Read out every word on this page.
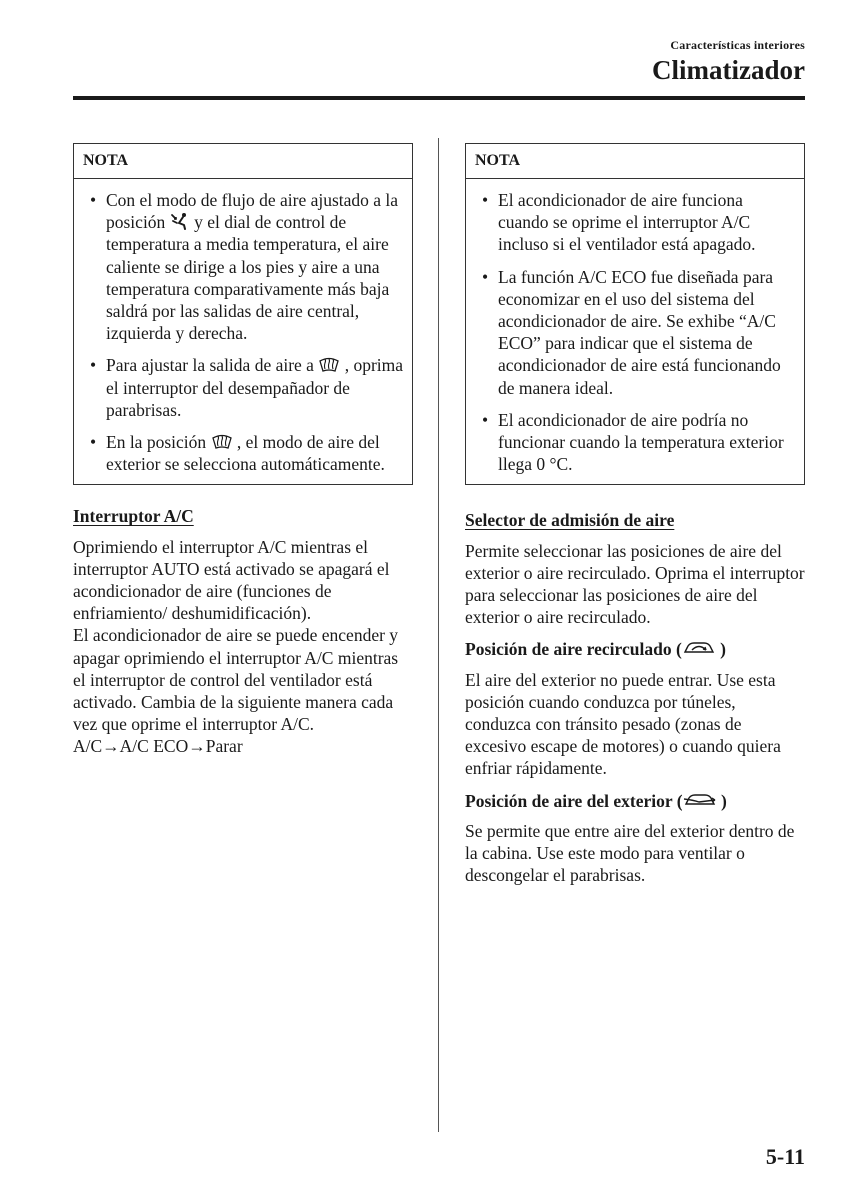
Características interiores
Climatizador
NOTA
• Con el modo de flujo de aire ajustado a la posición y el dial de control de temperatura a media temperatura, el aire caliente se dirige a los pies y aire a una temperatura comparativamente más baja saldrá por las salidas de aire central, izquierda y derecha.
• Para ajustar la salida de aire a , oprima el interruptor del desempañador de parabrisas.
• En la posición , el modo de aire del exterior se selecciona automáticamente.
Interruptor A/C
Oprimiendo el interruptor A/C mientras el interruptor AUTO está activado se apagará el acondicionador de aire (funciones de enfriamiento/ deshumidificación).
El acondicionador de aire se puede encender y apagar oprimiendo el interruptor A/C mientras el interruptor de control del ventilador está activado. Cambia de la siguiente manera cada vez que oprime el interruptor A/C.
A/C→A/C ECO→Parar
NOTA
• El acondicionador de aire funciona cuando se oprime el interruptor A/C incluso si el ventilador está apagado.
• La función A/C ECO fue diseñada para economizar en el uso del sistema del acondicionador de aire. Se exhibe “A/C ECO” para indicar que el sistema de acondicionador de aire está funcionando de manera ideal.
• El acondicionador de aire podría no funcionar cuando la temperatura exterior llega 0 °C.
Selector de admisión de aire

Permite seleccionar las posiciones de aire del exterior o aire recirculado. Oprima el interruptor para seleccionar las posiciones de aire del exterior o aire recirculado.

Posición de aire recirculado ( )

El aire del exterior no puede entrar. Use esta posición cuando conduzca por túneles, conduzca con tránsito pesado (zonas de excesivo escape de motores) o cuando quiera enfriar rápidamente.

Posición de aire del exterior ( )

Se permite que entre aire del exterior dentro de la cabina. Use este modo para ventilar o descongelar el parabrisas.

5-11
